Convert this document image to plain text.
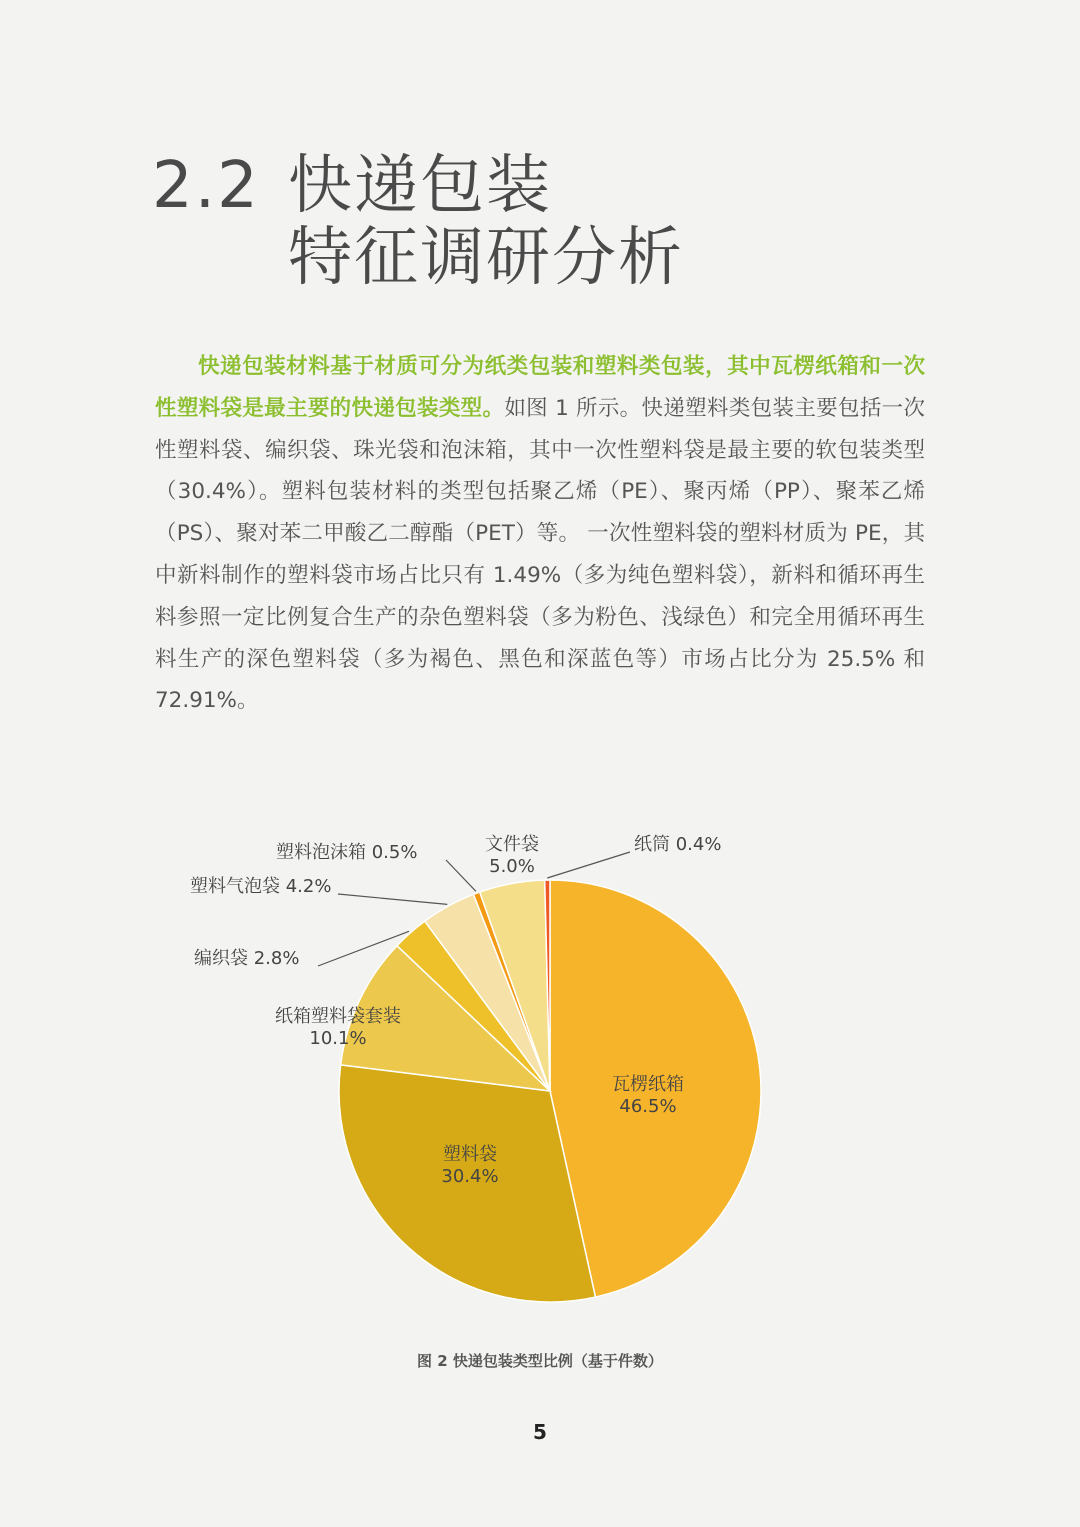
2.2 快递包装
特征调研分析
快递包装材料基于材质可分为纸类包装和塑料类包装，其中瓦楞纸箱和一次性塑料袋是最主要的快递包装类型。如图 1 所示。快递塑料类包装主要包括一次性塑料袋、编织袋、珠光袋和泡沫箱，其中一次性塑料袋是最主要的软包装类型（30.4%）。塑料包装材料的类型包括聚乙烯（PE）、聚丙烯（PP）、聚苯乙烯（PS）、聚对苯二甲酸乙二醇酯（PET）等。 一次性塑料袋的塑料材质为 PE，其中新料制作的塑料袋市场占比只有 1.49%（多为纯色塑料袋），新料和循环再生料参照一定比例复合生产的杂色塑料袋（多为粉色、浅绿色）和完全用循环再生料生产的深色塑料袋（多为褐色、黑色和深蓝色等）市场占比分为 25.5% 和 72.91%。
瓦楞纸箱 46.5%
塑料袋 30.4%
纸箱塑料袋套装 10.1%
编织袋 2.8%
塑料气泡袋 4.2%
塑料泡沫箱 0.5%	文件袋 5.0%
纸筒 0.4%
图 2 快递包装类型比例（基于件数）
5
